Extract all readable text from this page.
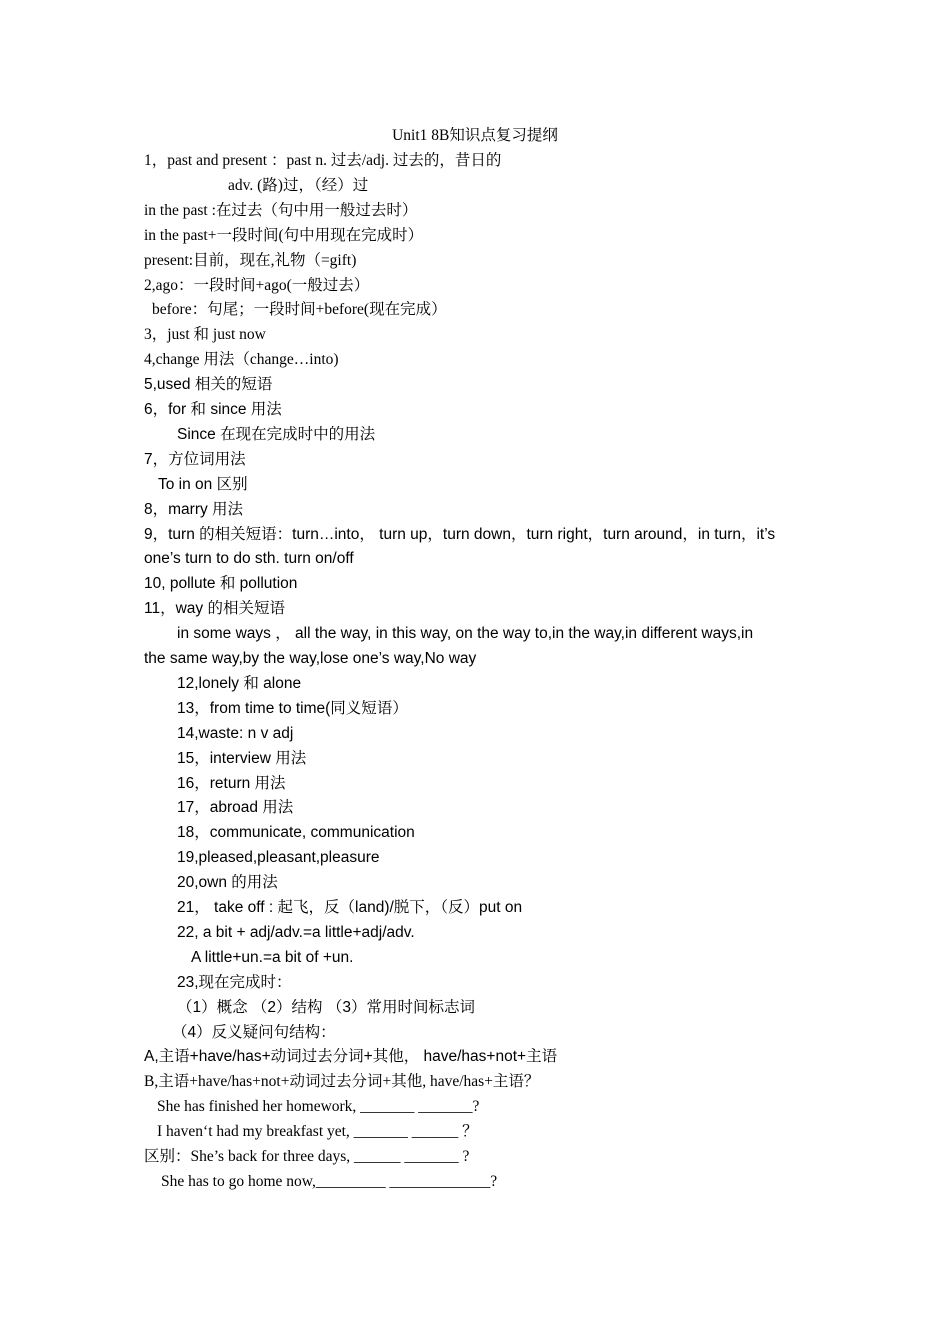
Unit1 8B知识点复习提纲
1，past and present ：past n. 过去/adj. 过去的，昔日的
adv. (路)过，（经）过
in the past :在过去（句中用一般过去时）
in the past+一段时间(句中用现在完成时）
present:目前，现在,礼物（=gift)
2,ago：一段时间+ago(一般过去）
before：句尾；一段时间+before(现在完成）
3，just 和 just now
4,change 用法（change…into)
5,used 相关的短语
6，for 和 since 用法
Since 在现在完成时中的用法
7，方位词用法
To in on 区别
8，marry 用法
9，turn 的相关短语：turn…into， turn up，turn down，turn right，turn around，in turn，it’s
one’s turn to do sth. turn on/off
10, pollute 和 pollution
11，way 的相关短语
in some ways ， all the way, in this way, on the way to,in the way,in different ways,in
the same way,by the way,lose one’s way,No way
12,lonely 和 alone
13，from time to time(同义短语）
14,waste: n v adj
15，interview 用法
16，return 用法
17，abroad 用法
18，communicate, communication
19,pleased,pleasant,pleasure
20,own 的用法
21， take off : 起飞，反（land)/脱下，（反）put on
22, a bit + adj/adv.=a little+adj/adv.
A little+un.=a bit of +un.
23,现在完成时：
（1）概念 （2）结构 （3）常用时间标志词
（4）反义疑问句结构：
A,主语+have/has+动词过去分词+其他， have/has+not+主语
B,主语+have/has+not+动词过去分词+其他, have/has+主语？
She has finished her homework, _______ _______?
I haven‘t had my breakfast yet, _______ ______ ？
区别：She’s back for three days, ______ _______ ?
She has to go home now,_________ _____________?
